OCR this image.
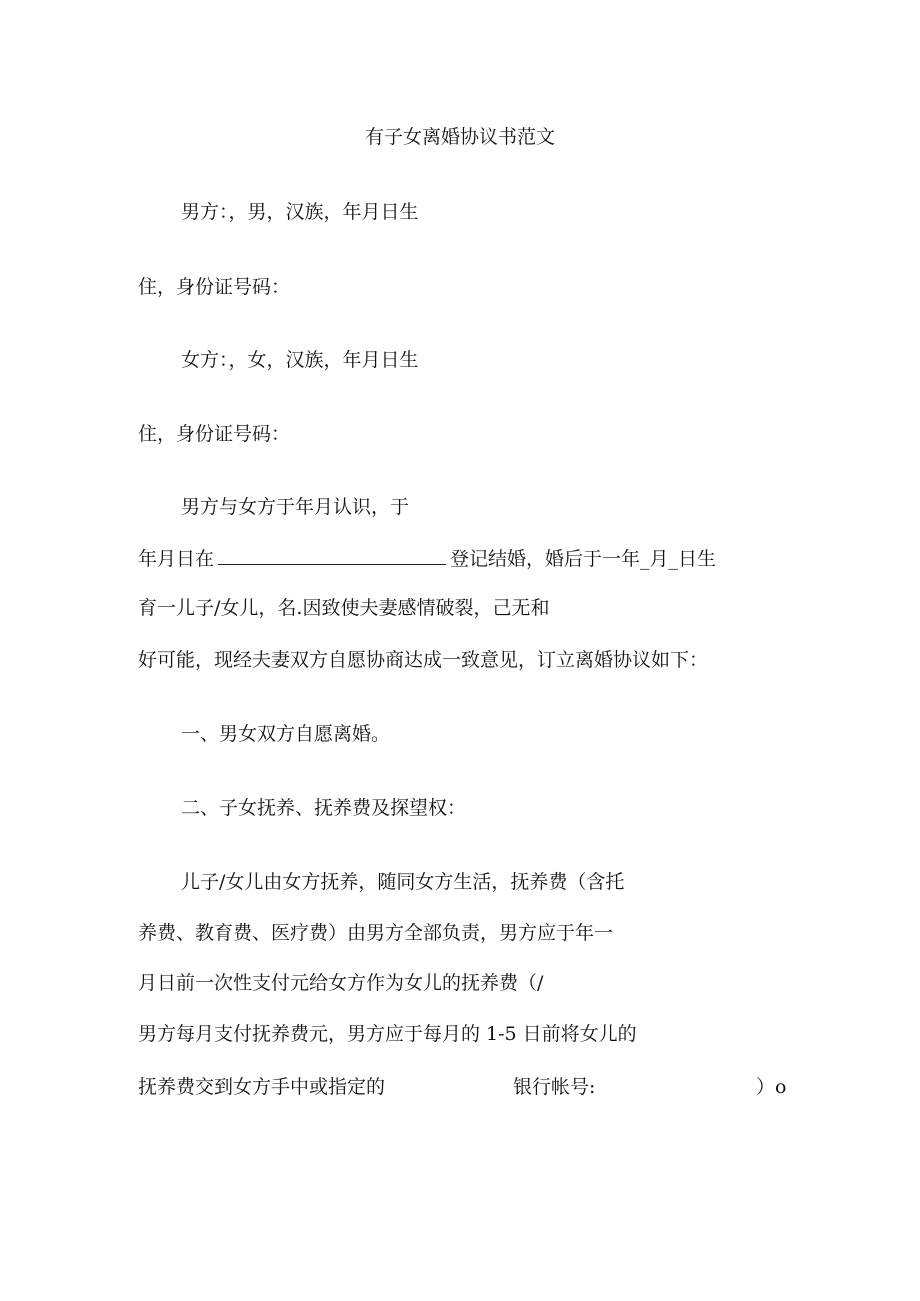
有子女离婚协议书范文
男方：，男，汉族，年月日生
住，身份证号码：
女方：，女，汉族，年月日生
住，身份证号码：
男方与女方于年月认识，于
年月日在	登记结婚，婚后于一年_月_日生
育一儿子/女儿，名.因致使夫妻感情破裂，己无和
好可能，现经夫妻双方自愿协商达成一致意见，订立离婚协议如下：
一、男女双方自愿离婚。
二、子女抚养、抚养费及探望权：
儿子/女儿由女方抚养，随同女方生活，抚养费（含托
养费、教育费、医疗费）由男方全部负责，男方应于年一
月日前一次性支付元给女方作为女儿的抚养费（/
男方每月支付抚养费元，男方应于每月的 1-5 日前将女儿的
抚养费交到女方手中或指定的	银行帐号:	）o
